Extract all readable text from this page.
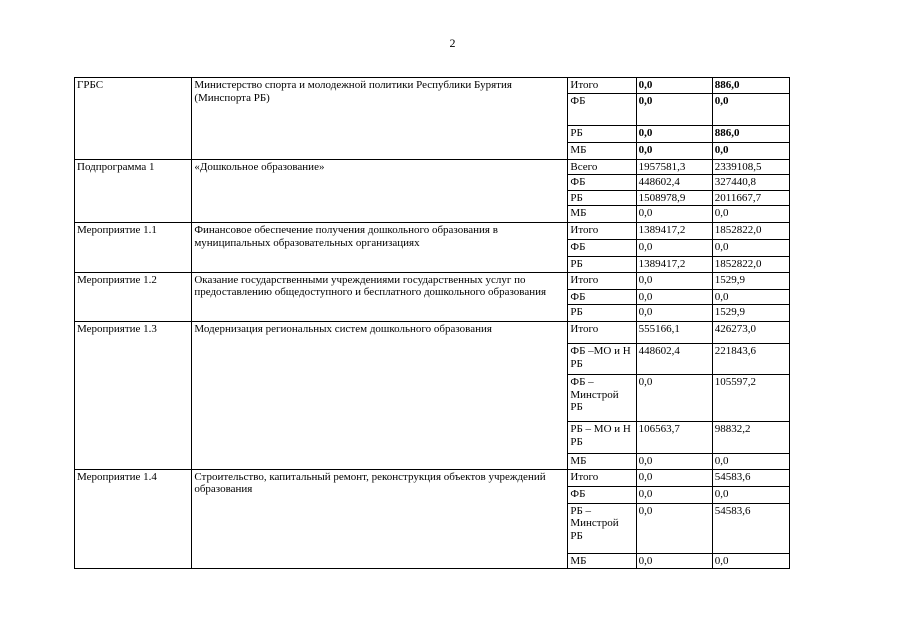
2
ГРБС	Министерство спорта и молодежной политики Республики Бурятия (Минспорта РБ)	Итого	0,0	886,0
		ФБ	0,0	0,0
		РБ	0,0	886,0
		МБ	0,0	0,0
Подпрограмма 1	«Дошкольное образование»	Всего	1957581,3	2339108,5
		ФБ	448602,4	327440,8
		РБ	1508978,9	2011667,7
		МБ	0,0	0,0
Мероприятие 1.1	Финансовое обеспечение получения дошкольного образования в муниципальных образовательных организациях	Итого	1389417,2	1852822,0
		ФБ	0,0	0,0
		РБ	1389417,2	1852822,0
Мероприятие 1.2	Оказание государственными учреждениями государственных услуг по предоставлению общедоступного и бесплатного дошкольного образования	Итого	0,0	1529,9
		ФБ	0,0	0,0
		РБ	0,0	1529,9
Мероприятие 1.3	Модернизация региональных систем дошкольного образования	Итого	555166,1	426273,0
		ФБ –МО и Н РБ	448602,4	221843,6
		ФБ – Минстрой РБ	0,0	105597,2
		РБ – МО и Н РБ	106563,7	98832,2
		МБ	0,0	0,0
Мероприятие 1.4	Строительство, капитальный ремонт, реконструкция объектов учреждений образования	Итого	0,0	54583,6
		ФБ	0,0	0,0
		РБ – Минстрой РБ	0,0	54583,6
		МБ	0,0	0,0
